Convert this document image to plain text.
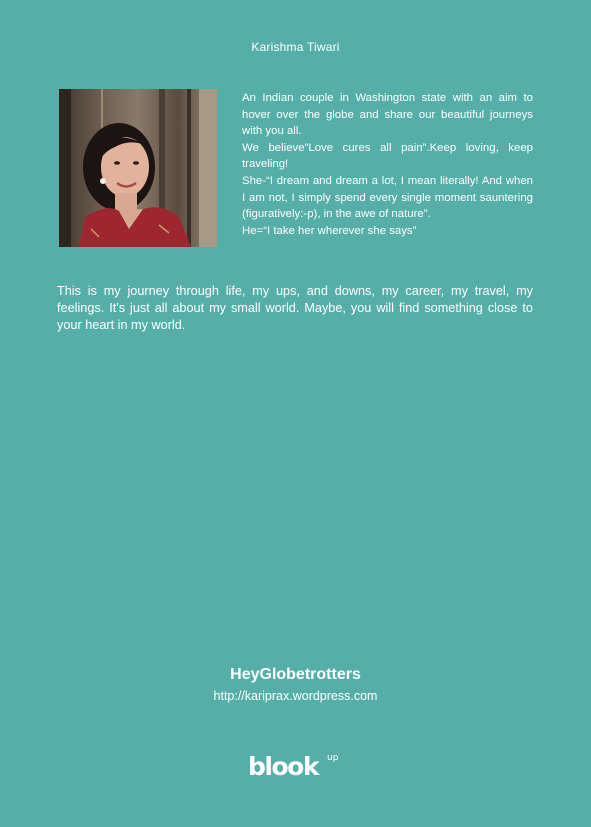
Karishma Tiwari

An Indian couple in Washington state with an aim to hover over the globe and share our beautiful journeys with you all.

We believe”Love cures all pain”.Keep loving, keep traveling!

She-“I dream and dream a lot, I mean literally! And when I am not, I simply spend every single moment sauntering (figuratively:-p), in the awe of nature”.

He=“I take her wherever she says”

This is my journey through life, my ups, and downs, my career, my travel, my feelings. It's just all about my small world. Maybe, you will find something close to your heart in my world.

HeyGlobetrotters
http://kariprax.wordpress.com
blook up
